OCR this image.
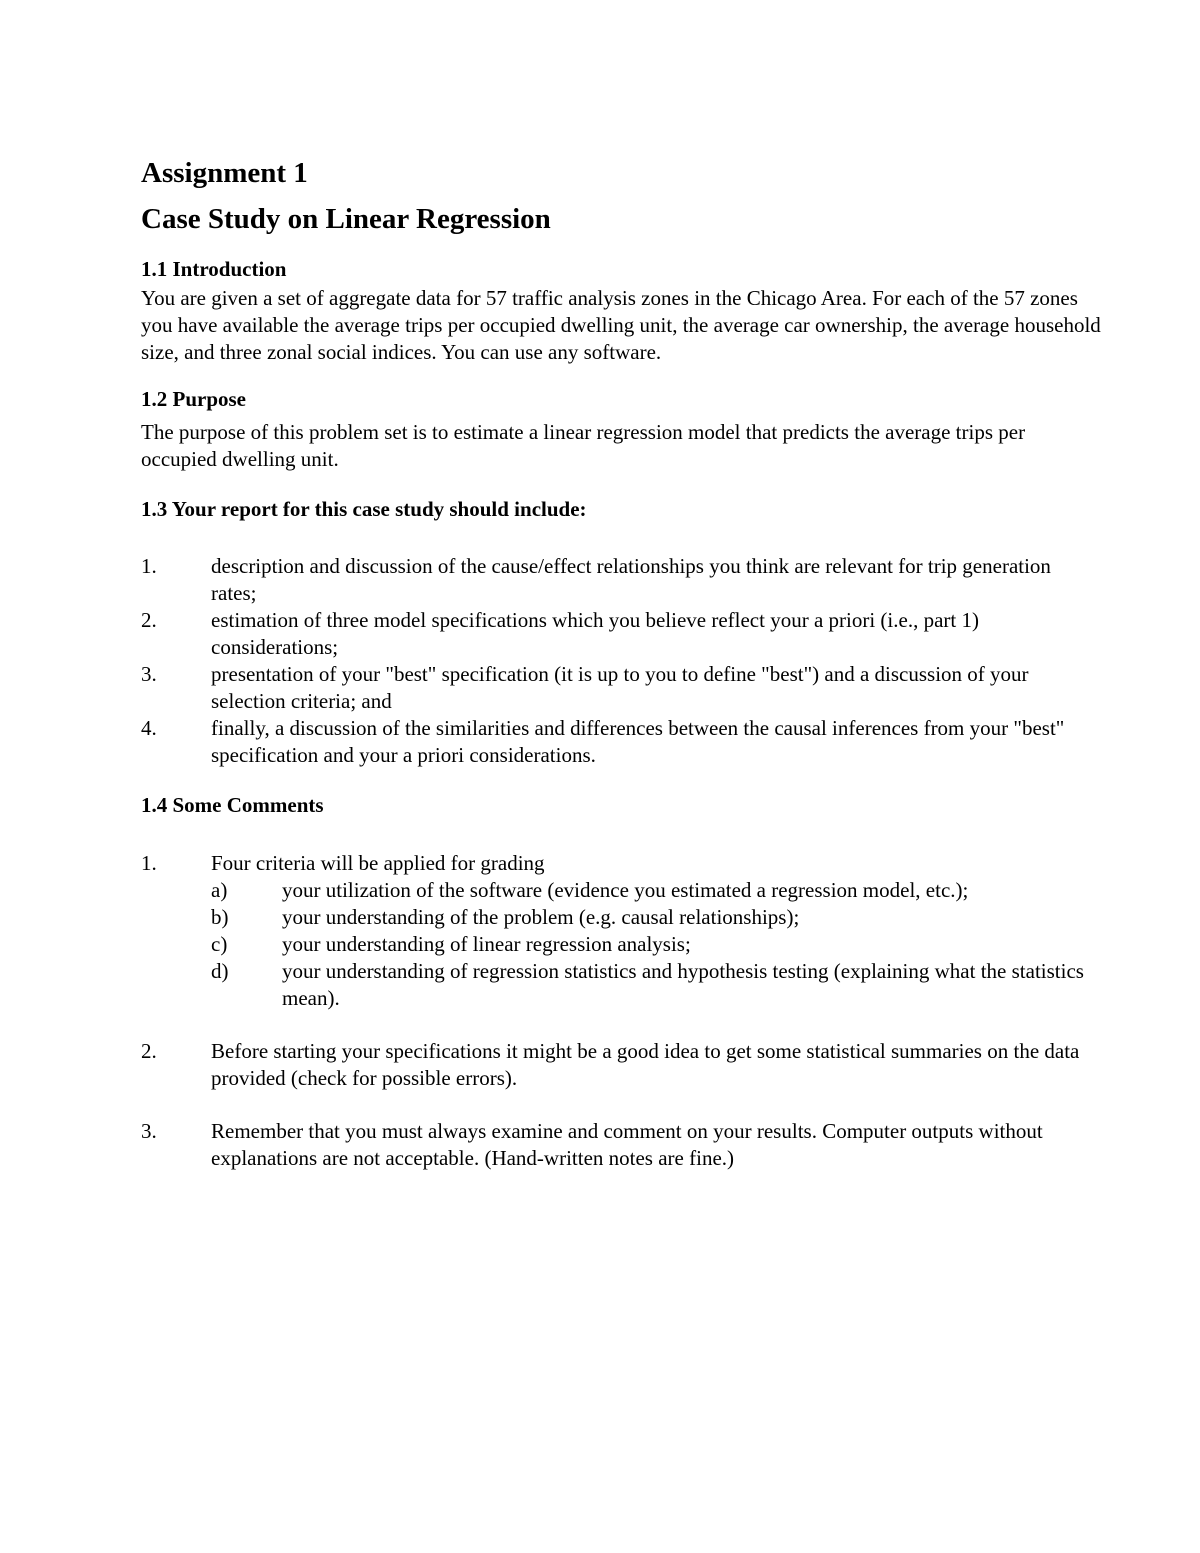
Assignment 1
Case Study on Linear Regression
1.1 Introduction

You are given a set of aggregate data for 57 traffic analysis zones in the Chicago Area. For each of the 57 zones you have available the average trips per occupied dwelling unit, the average car ownership, the average household size, and three zonal social indices. You can use any software.

1.2 Purpose

The purpose of this problem set is to estimate a linear regression model that predicts the average trips per occupied dwelling unit.

1.3 Your report for this case study should include:
1.	description and discussion of the cause/effect relationships you think are relevant for trip generation rates;
2.	estimation of three model specifications which you believe reflect your a priori (i.e., part 1) considerations;
3.	presentation of your "best" specification (it is up to you to define "best") and a discussion of your selection criteria; and
4.	finally, a discussion of the similarities and differences between the causal inferences from your "best" specification and your a priori considerations.
1.4 Some Comments
1.	Four criteria will be applied for grading
a)	your utilization of the software (evidence you estimated a regression model, etc.);
b)	your understanding of the problem (e.g. causal relationships);
c)	your understanding of linear regression analysis;
d)	your understanding of regression statistics and hypothesis testing (explaining what the statistics mean).
2.	Before starting your specifications it might be a good idea to get some statistical summaries on the data provided (check for possible errors).
3.	Remember that you must always examine and comment on your results. Computer outputs without explanations are not acceptable. (Hand-written notes are fine.)
